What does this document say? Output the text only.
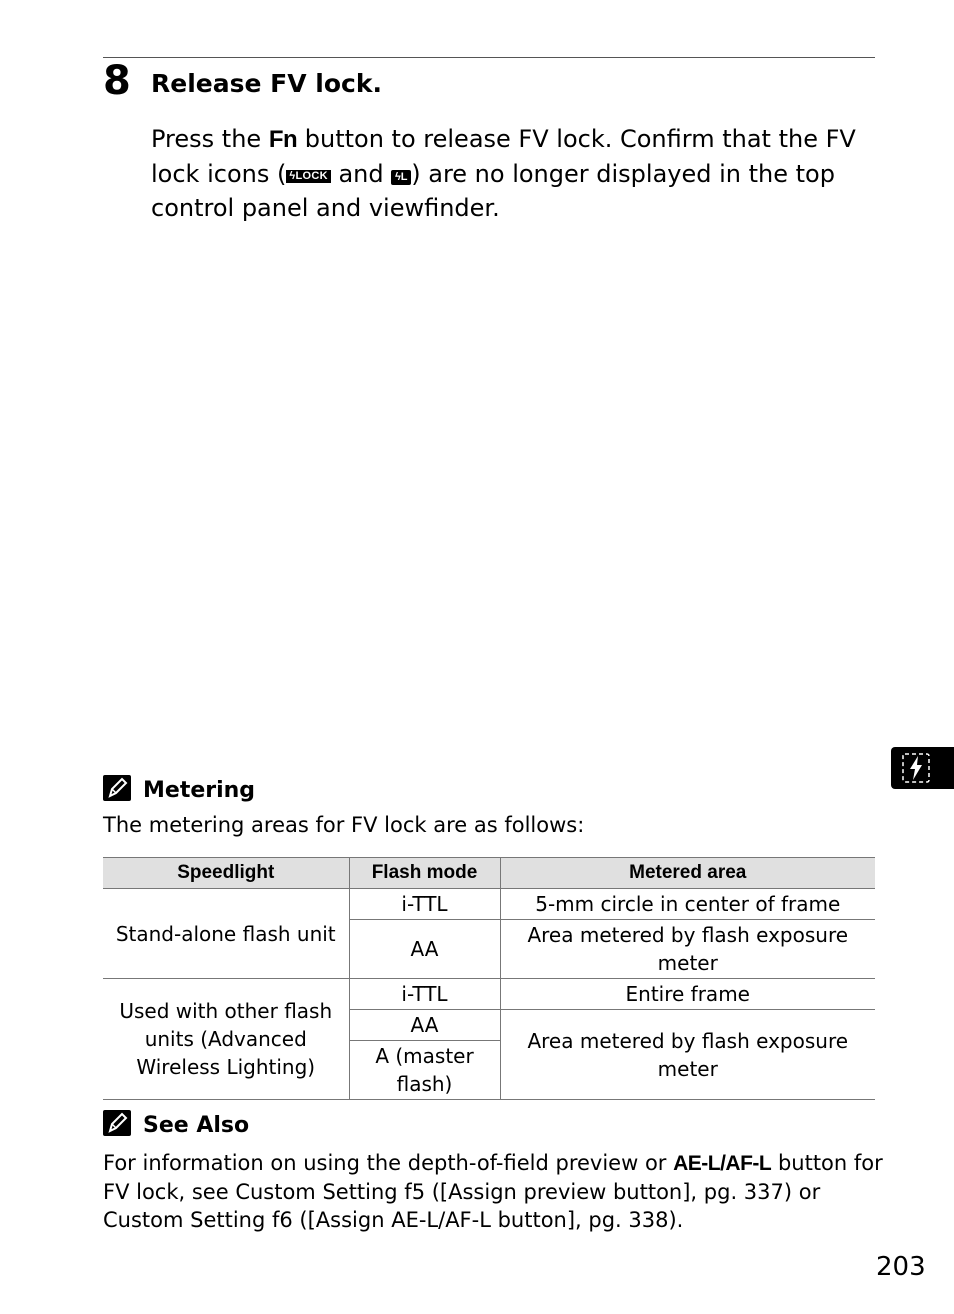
8 Release FV lock.
Press the Fn button to release FV lock. Confirm that the FV lock icons ( ϟLOCK and ϟL ) are no longer displayed in the top control panel and viewfinder.
Metering
The metering areas for FV lock are as follows:
Speedlight	Flash mode	Metered area
Stand-alone flash unit	i-TTL	5-mm circle in center of frame
	AA	Area metered by flash exposure meter
Used with other flash units (Advanced Wireless Lighting)	i-TTL	Entire frame
	AA	Area metered by flash exposure meter
	A (master flash)	
See Also
For information on using the depth-of-field preview or AE-L/AF-L button for FV lock, see Custom Setting f5 ([Assign preview button], pg. 337) or Custom Setting f6 ([Assign AE-L/AF-L button], pg. 338).
203
